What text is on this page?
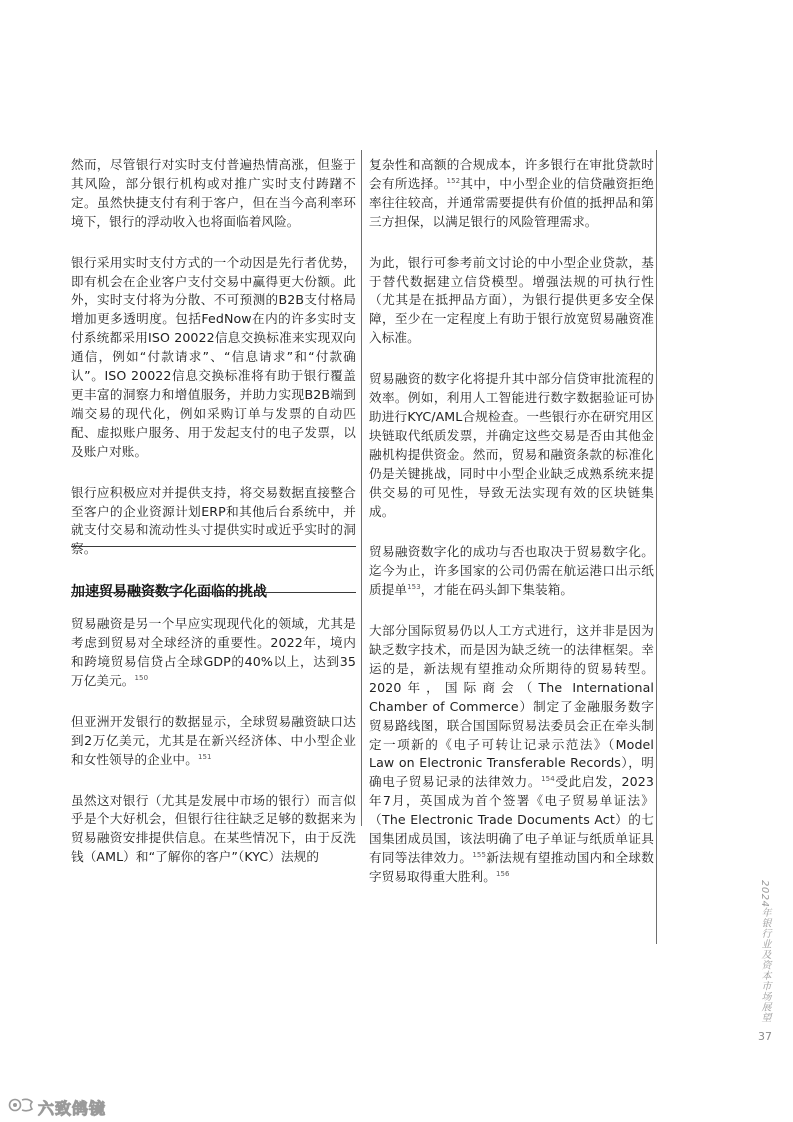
然而，尽管银行对实时支付普遍热情高涨，但鉴于其风险，部分银行机构或对推广实时支付踌躇不定。虽然快捷支付有利于客户，但在当今高利率环境下，银行的浮动收入也将面临着风险。

银行采用实时支付方式的一个动因是先行者优势，即有机会在企业客户支付交易中赢得更大份额。此外，实时支付将为分散、不可预测的B2B支付格局增加更多透明度。包括FedNow在内的许多实时支付系统都采用ISO 20022信息交换标准来实现双向通信，例如“付款请求”、“信息请求”和“付款确认”。ISO 20022信息交换标准将有助于银行覆盖更丰富的洞察力和增值服务，并助力实现B2B端到端交易的现代化，例如采购订单与发票的自动匹配、虚拟账户服务、用于发起支付的电子发票，以及账户对账。

银行应积极应对并提供支持，将交易数据直接整合至客户的企业资源计划ERP和其他后台系统中，并就支付交易和流动性头寸提供实时或近乎实时的洞察。

加速贸易融资数字化面临的挑战

贸易融资是另一个早应实现现代化的领域，尤其是考虑到贸易对全球经济的重要性。2022年，境内和跨境贸易信贷占全球GDP的40%以上，达到35万亿美元。$^{150}$

但亚洲开发银行的数据显示，全球贸易融资缺口达到2万亿美元，尤其是在新兴经济体、中小型企业和女性领导的企业中。$^{151}$

虽然这对银行（尤其是发展中市场的银行）而言似乎是个大好机会，但银行往往缺乏足够的数据来为贸易融资安排提供信息。在某些情况下，由于反洗钱（AML）和“了解你的客户”（KYC）法规的

复杂性和高额的合规成本，许多银行在审批贷款时会有所选择。$^{152}$其中，中小型企业的信贷融资拒绝率往往较高，并通常需要提供有价值的抵押品和第三方担保，以满足银行的风险管理需求。

为此，银行可参考前文讨论的中小型企业贷款，基于替代数据建立信贷模型。增强法规的可执行性（尤其是在抵押品方面），为银行提供更多安全保障，至少在一定程度上有助于银行放宽贸易融资准入标准。

贸易融资的数字化将提升其中部分信贷审批流程的效率。例如，利用人工智能进行数字数据验证可协助进行KYC/AML合规检查。一些银行亦在研究用区块链取代纸质发票，并确定这些交易是否由其他金融机构提供资金。然而，贸易和融资条款的标准化仍是关键挑战，同时中小型企业缺乏成熟系统来提供交易的可见性，导致无法实现有效的区块链集成。

贸易融资数字化的成功与否也取决于贸易数字化。迄今为止，许多国家的公司仍需在航运港口出示纸质提单$^{153}$，才能在码头卸下集装箱。

大部分国际贸易仍以人工方式进行，这并非是因为缺乏数字技术，而是因为缺乏统一的法律框架。幸运的是，新法规有望推动众所期待的贸易转型。2020年，国际商会（The International Chamber of Commerce）制定了金融服务数字贸易路线图，联合国国际贸易法委员会正在牵头制定一项新的《电子可转让记录示范法》（Model Law on Electronic Transferable Records），明确电子贸易记录的法律效力。$^{154}$受此启发，2023年7月，英国成为首个签署《电子贸易单证法》（The Electronic Trade Documents Act）的七国集团成员国，该法明确了电子单证与纸质单证具有同等法律效力。$^{155}$新法规有望推动国内和全球数字贸易取得重大胜利。$^{156}$

2024年银行业及资本市场展望
37
六致鸽镜
